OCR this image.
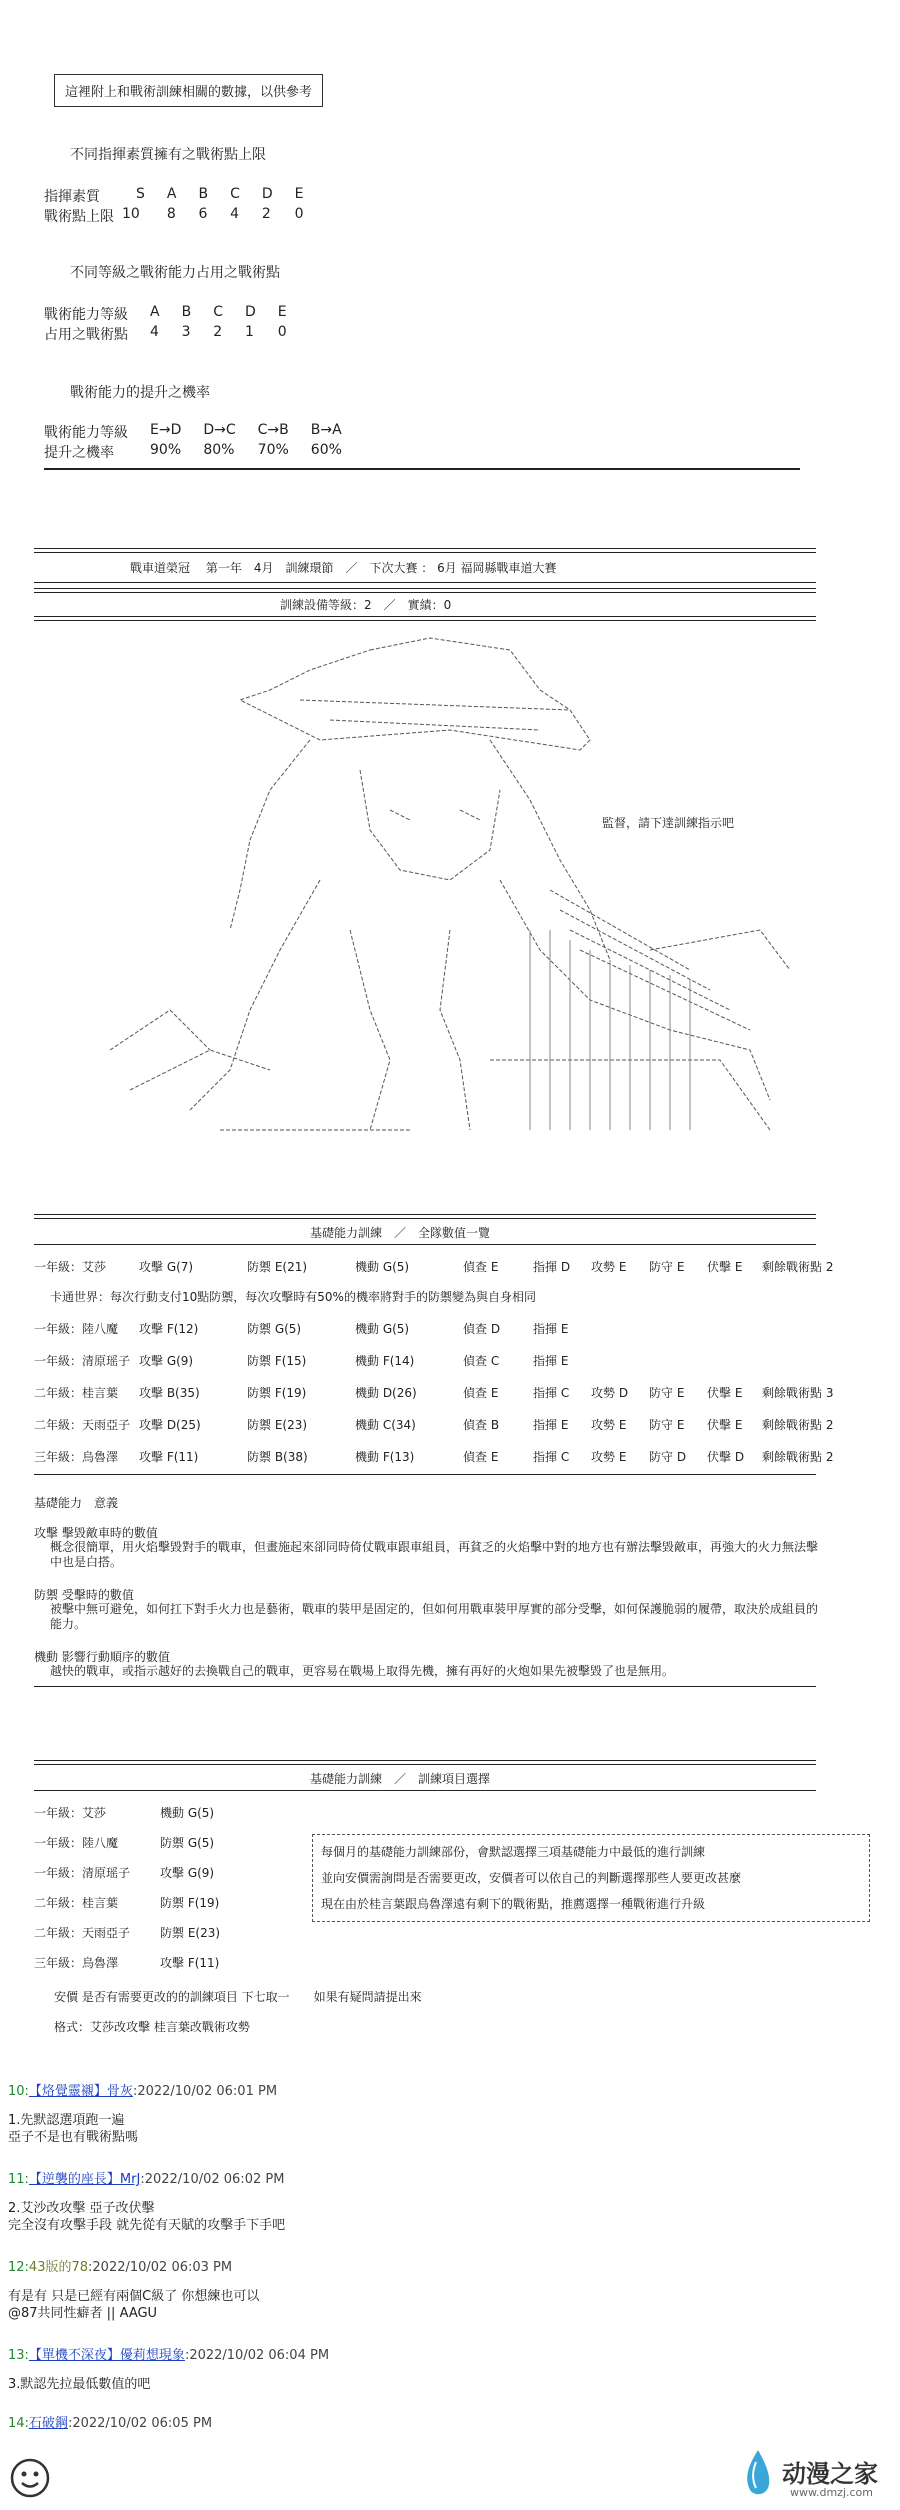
這裡附上和戰術訓練相關的數據，以供參考
不同指揮素質擁有之戰術點上限
指揮素質	S	A	B	C	D	E
戰術點上限	10	8	6	4	2	0
不同等級之戰術能力占用之戰術點
戰術能力等級	A	B	C	D	E
占用之戰術點	4	3	2	1	0
戰術能力的提升之機率
戰術能力等級	E→D	D→C	C→B	B→A
提升之機率	90%	80%	70%	60%
戰車道榮冠　 第一年　4月　訓練環節　／　下次大賽 ： 6月 福岡縣戰車道大賽
訓練設備等級：2　／　實績：0
監督，請下達訓練指示吧
基礎能力訓練　／　全隊數值一覽
一年級：艾莎	攻擊 G(7)	防禦 E(21)	機動 G(5)	偵查 E	指揮 D	攻勢 E	防守 E	伏擊 E	剩餘戰術點 2
卡通世界：每次行動支付10點防禦，每次攻擊時有50%的機率將對手的防禦變為與自身相同
一年級：陸八魔	攻擊 F(12)	防禦 G(5)	機動 G(5)	偵查 D	指揮 E
一年級：清原瑶子 攻擊 G(9)	防禦 F(15)	機動 F(14)	偵查 C	指揮 E
二年級：桂言葉	攻擊 B(35)	防禦 F(19)	機動 D(26)	偵查 E	指揮 C	攻勢 D	防守 E	伏擊 E	剩餘戰術點 3
二年級：天雨亞子 攻擊 D(25)	防禦 E(23)	機動 C(34)	偵查 B	指揮 E	攻勢 E	防守 E	伏擊 E	剩餘戰術點 2
三年級：烏魯澤	攻擊 F(11)	防禦 B(38)	機動 F(13)	偵查 E	指揮 C	攻勢 E	防守 D	伏擊 D	剩餘戰術點 2
基礎能力　意義
攻擊 擊毀敵車時的數值
概念很簡單，用火焰擊毀對手的戰車，但畫施起來卻同時倚仗戰車跟車組員，再貧乏的火焰擊中對的地方也有辦法擊毀敵車，再強大的火力無法擊中也是白搭。
防禦 受擊時的數值
被擊中無可避免，如何扛下對手火力也是藝術，戰車的裝甲是固定的，但如何用戰車裝甲厚實的部分受擊，如何保護脆弱的履帶，取決於成組員的能力。
機動 影響行動順序的數值
越快的戰車，或指示越好的去換戰自己的戰車，更容易在戰場上取得先機，擁有再好的火炮如果先被擊毀了也是無用。
基礎能力訓練　／　訓練項目選擇
一年級：艾莎	機動 G(5)
一年級：陸八魔	防禦 G(5)
一年級：清原瑶子 攻擊 G(9)
二年級：桂言葉	防禦 F(19)
二年級：天雨亞子 防禦 E(23)
三年級：烏魯澤	攻擊 F(11)
每個月的基礎能力訓練部份，會默認選擇三項基礎能力中最低的進行訓練
並向安價需詢問是否需要更改，安價者可以依自己的判斷選擇那些人要更改甚麼
現在由於桂言葉跟烏魯澤遠有剩下的戰術點，推薦選擇一種戰術進行升級
安價 是否有需要更改的的訓練項目 下七取一　　如果有疑問請提出來
格式：艾莎改攻擊 桂言葉改戰術攻勢
10:【烙覺靈襯】骨灰:2022/10/02 06:01 PM
1.先默認選項跑一遍
亞子不是也有戰術點嗎
11:【逆襲的座長】MrJ:2022/10/02 06:02 PM
2.艾沙改攻擊 亞子改伏擊
完全沒有攻擊手段 就先從有天賦的攻擊手下手吧
12:43版的78:2022/10/02 06:03 PM
有是有 只是已經有兩個C級了 你想練也可以
@87共同性癖者 || AAGU
13:【單機不深夜】優莉想現象:2022/10/02 06:04 PM
3.默認先拉最低數值的吧
14:石破鋼:2022/10/02 06:05 PM
动漫之家
www.dmzj.com
